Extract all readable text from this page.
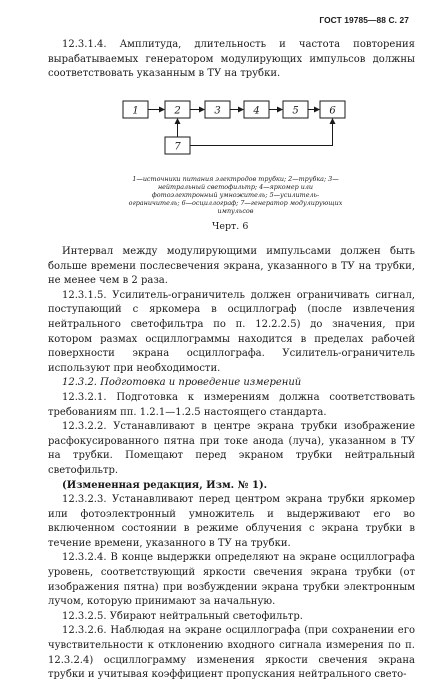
ГОСТ 19785—88 С. 27

12.3.1.4. Амплитуда, длительность и частота повторения вырабатываемых генератором модулирующих импульсов должны соответствовать указанным в ТУ на трубки.

1	2	3	4	5	6
7
1—источники питания электродов трубки; 2—трубка; 3—нейтральный светофильтр; 4—яркомер или фотоэлектронный умножитель; 5—усилитель-ограничитель; 6—осциллограф; 7—генератор модулирующих импульсов
Черт. 6

Интервал между модулирующими импульсами должен быть больше времени послесвечения экрана, указанного в ТУ на трубки, не менее чем в 2 раза.

12.3.1.5. Усилитель-ограничитель должен ограничивать сигнал, поступающий с яркомера в осциллограф (после извлечения нейтрального светофильтра по п. 12.2.2.5) до значения, при котором размах осциллограммы находится в пределах рабочей поверхности экрана осциллографа. Усилитель-ограничитель используют при необходимости.

12.3.2. Подготовка и проведение измерений

12.3.2.1. Подготовка к измерениям должна соответствовать требованиям пп. 1.2.1—1.2.5 настоящего стандарта.

12.3.2.2. Устанавливают в центре экрана трубки изображение расфокусированного пятна при токе анода (луча), указанном в ТУ на трубки. Помещают перед экраном трубки нейтральный светофильтр.

(Измененная редакция, Изм. № 1).

12.3.2.3. Устанавливают перед центром экрана трубки яркомер или фотоэлектронный умножитель и выдерживают его во включенном состоянии в режиме облучения с экрана трубки в течение времени, указанного в ТУ на трубки.

12.3.2.4. В конце выдержки определяют на экране осциллографа уровень, соответствующий яркости свечения экрана трубки (от изображения пятна) при возбуждении экрана трубки электронным лучом, которую принимают за начальную.

12.3.2.5. Убирают нейтральный светофильтр.

12.3.2.6. Наблюдая на экране осциллографа (при сохранении его чувствительности к отклонению входного сигнала измерения по п. 12.3.2.4) осциллограмму изменения яркости свечения экрана трубки и учитывая коэффициент пропускания нейтрального свето-
